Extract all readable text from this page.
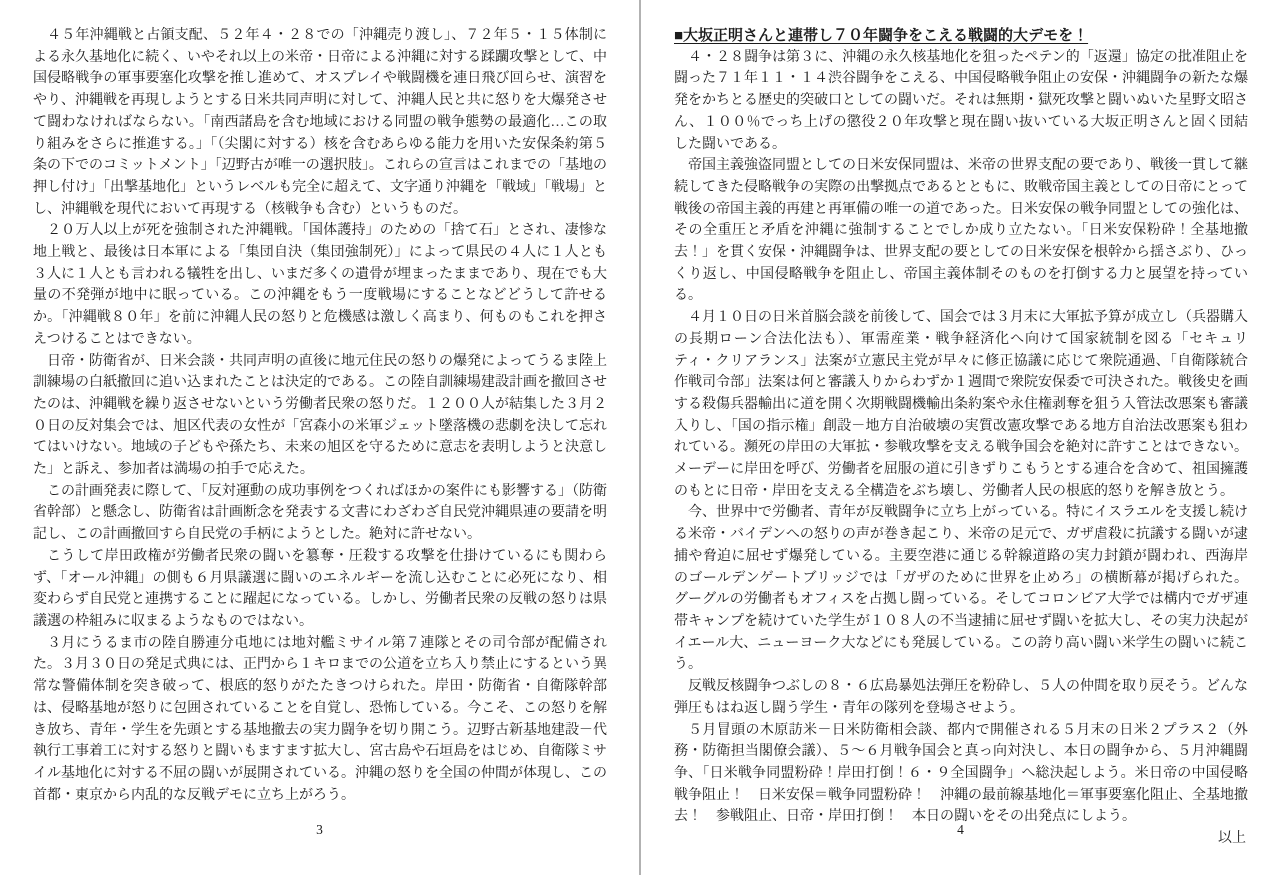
４５年沖縄戦と占領支配、５２年４・２８での「沖縄売り渡し」、７２年５・１５体制による永久基地化に続く、いやそれ以上の米帝・日帝による沖縄に対する蹂躙攻撃として、中国侵略戦争の軍事要塞化攻撃を推し進めて、オスプレイや戦闘機を連日飛び回らせ、演習をやり、沖縄戦を再現しようとする日米共同声明に対して、沖縄人民と共に怒りを大爆発させて闘わなければならない。「南西諸島を含む地域における同盟の戦争態勢の最適化…この取り組みをさらに推進する。」「（尖閣に対する）核を含むあらゆる能力を用いた安保条約第５条の下でのコミットメント」「辺野古が唯一の選択肢」。これらの宣言はこれまでの「基地の押し付け」「出撃基地化」というレベルも完全に超えて、文字通り沖縄を「戦域」「戦場」とし、沖縄戦を現代において再現する（核戦争も含む）というものだ。

２０万人以上が死を強制された沖縄戦。「国体護持」のための「捨て石」とされ、凄惨な地上戦と、最後は日本軍による「集団自決（集団強制死）」によって県民の４人に１人とも３人に１人とも言われる犠牲を出し、いまだ多くの遺骨が埋まったままであり、現在でも大量の不発弾が地中に眠っている。この沖縄をもう一度戦場にすることなどどうして許せるか。「沖縄戦８０年」を前に沖縄人民の怒りと危機感は激しく高まり、何ものもこれを押さえつけることはできない。

日帝・防衛省が、日米会談・共同声明の直後に地元住民の怒りの爆発によってうるま陸上訓練場の白紙撤回に追い込まれたことは決定的である。この陸自訓練場建設計画を撤回させたのは、沖縄戦を繰り返させないという労働者民衆の怒りだ。１２００人が結集した３月２０日の反対集会では、旭区代表の女性が「宮森小の米軍ジェット墜落機の悲劇を決して忘れてはいけない。地域の子どもや孫たち、未来の旭区を守るために意志を表明しようと決意した」と訴え、参加者は満場の拍手で応えた。

この計画発表に際して、「反対運動の成功事例をつくればほかの案件にも影響する」（防衛省幹部）と懸念し、防衛省は計画断念を発表する文書にわざわざ自民党沖縄県連の要請を明記し、この計画撤回すら自民党の手柄にようとした。絶対に許せない。

こうして岸田政権が労働者民衆の闘いを簒奪・圧殺する攻撃を仕掛けているにも関わらず、「オール沖縄」の側も６月県議選に闘いのエネルギーを流し込むことに必死になり、相変わらず自民党と連携することに躍起になっている。しかし、労働者民衆の反戦の怒りは県議選の枠組みに収まるようなものではない。

３月にうるま市の陸自勝連分屯地には地対艦ミサイル第７連隊とその司令部が配備された。３月３０日の発足式典には、正門から１キロまでの公道を立ち入り禁止にするという異常な警備体制を突き破って、根底的怒りがたたきつけられた。岸田・防衛省・自衛隊幹部は、侵略基地が怒りに包囲されていることを自覚し、恐怖している。今こそ、この怒りを解き放ち、青年・学生を先頭とする基地撤去の実力闘争を切り開こう。辺野古新基地建設－代執行工事着工に対する怒りと闘いもますます拡大し、宮古島や石垣島をはじめ、自衛隊ミサイル基地化に対する不屈の闘いが展開されている。沖縄の怒りを全国の仲間が体現し、この首都・東京から内乱的な反戦デモに立ち上がろう。

3
■大坂正明さんと連帯し７０年闘争をこえる戦闘的大デモを！

４・２８闘争は第３に、沖縄の永久核基地化を狙ったペテン的「返還」協定の批准阻止を闘った７１年１１・１４渋谷闘争をこえる、中国侵略戦争阻止の安保・沖縄闘争の新たな爆発をかちとる歴史的突破口としての闘いだ。それは無期・獄死攻撃と闘いぬいた星野文昭さん、１００％でっち上げの懲役２０年攻撃と現在闘い抜いている大坂正明さんと固く団結した闘いである。

帝国主義強盗同盟としての日米安保同盟は、米帝の世界支配の要であり、戦後一貫して継続してきた侵略戦争の実際の出撃拠点であるとともに、敗戦帝国主義としての日帝にとって戦後の帝国主義的再建と再軍備の唯一の道であった。日米安保の戦争同盟としての強化は、その全重圧と矛盾を沖縄に強制することでしか成り立たない。「日米安保粉砕！全基地撤去！」を貫く安保・沖縄闘争は、世界支配の要としての日米安保を根幹から揺さぶり、ひっくり返し、中国侵略戦争を阻止し、帝国主義体制そのものを打倒する力と展望を持っている。

４月１０日の日米首脳会談を前後して、国会では３月末に大軍拡予算が成立し（兵器購入の長期ローン合法化法も）、軍需産業・戦争経済化へ向けて国家統制を図る「セキュリティ・クリアランス」法案が立憲民主党が早々に修正協議に応じて衆院通過、「自衛隊統合作戦司令部」法案は何と審議入りからわずか１週間で衆院安保委で可決された。戦後史を画する殺傷兵器輸出に道を開く次期戦闘機輸出条約案や永住権剥奪を狙う入管法改悪案も審議入りし、「国の指示権」創設－地方自治破壊の実質改憲攻撃である地方自治法改悪案も狙われている。瀕死の岸田の大軍拡・参戦攻撃を支える戦争国会を絶対に許すことはできない。メーデーに岸田を呼び、労働者を屈服の道に引きずりこもうとする連合を含めて、祖国擁護のもとに日帝・岸田を支える全構造をぶち壊し、労働者人民の根底的怒りを解き放とう。

今、世界中で労働者、青年が反戦闘争に立ち上がっている。特にイスラエルを支援し続ける米帝・バイデンへの怒りの声が巻き起こり、米帝の足元で、ガザ虐殺に抗議する闘いが逮捕や脅迫に屈せず爆発している。主要空港に通じる幹線道路の実力封鎖が闘われ、西海岸のゴールデンゲートブリッジでは「ガザのために世界を止めろ」の横断幕が掲げられた。グーグルの労働者もオフィスを占拠し闘っている。そしてコロンビア大学では構内でガザ連帯キャンプを続けていた学生が１０８人の不当逮捕に屈せず闘いを拡大し、その実力決起がイエール大、ニューヨーク大などにも発展している。この誇り高い闘い米学生の闘いに続こう。

反戦反核闘争つぶしの８・６広島暴処法弾圧を粉砕し、５人の仲間を取り戻そう。どんな弾圧もはね返し闘う学生・青年の隊列を登場させよう。

５月冒頭の木原訪米－日米防衛相会談、都内で開催される５月末の日米２プラス２（外務・防衛担当閣僚会議）、５～６月戦争国会と真っ向対決し、本日の闘争から、５月沖縄闘争、「日米戦争同盟粉砕！岸田打倒！６・９全国闘争」へ総決起しよう。米日帝の中国侵略戦争阻止！　日米安保＝戦争同盟粉砕！　沖縄の最前線基地化＝軍事要塞化阻止、全基地撤去！　参戦阻止、日帝・岸田打倒！　本日の闘いをその出発点にしよう。

以上
4
